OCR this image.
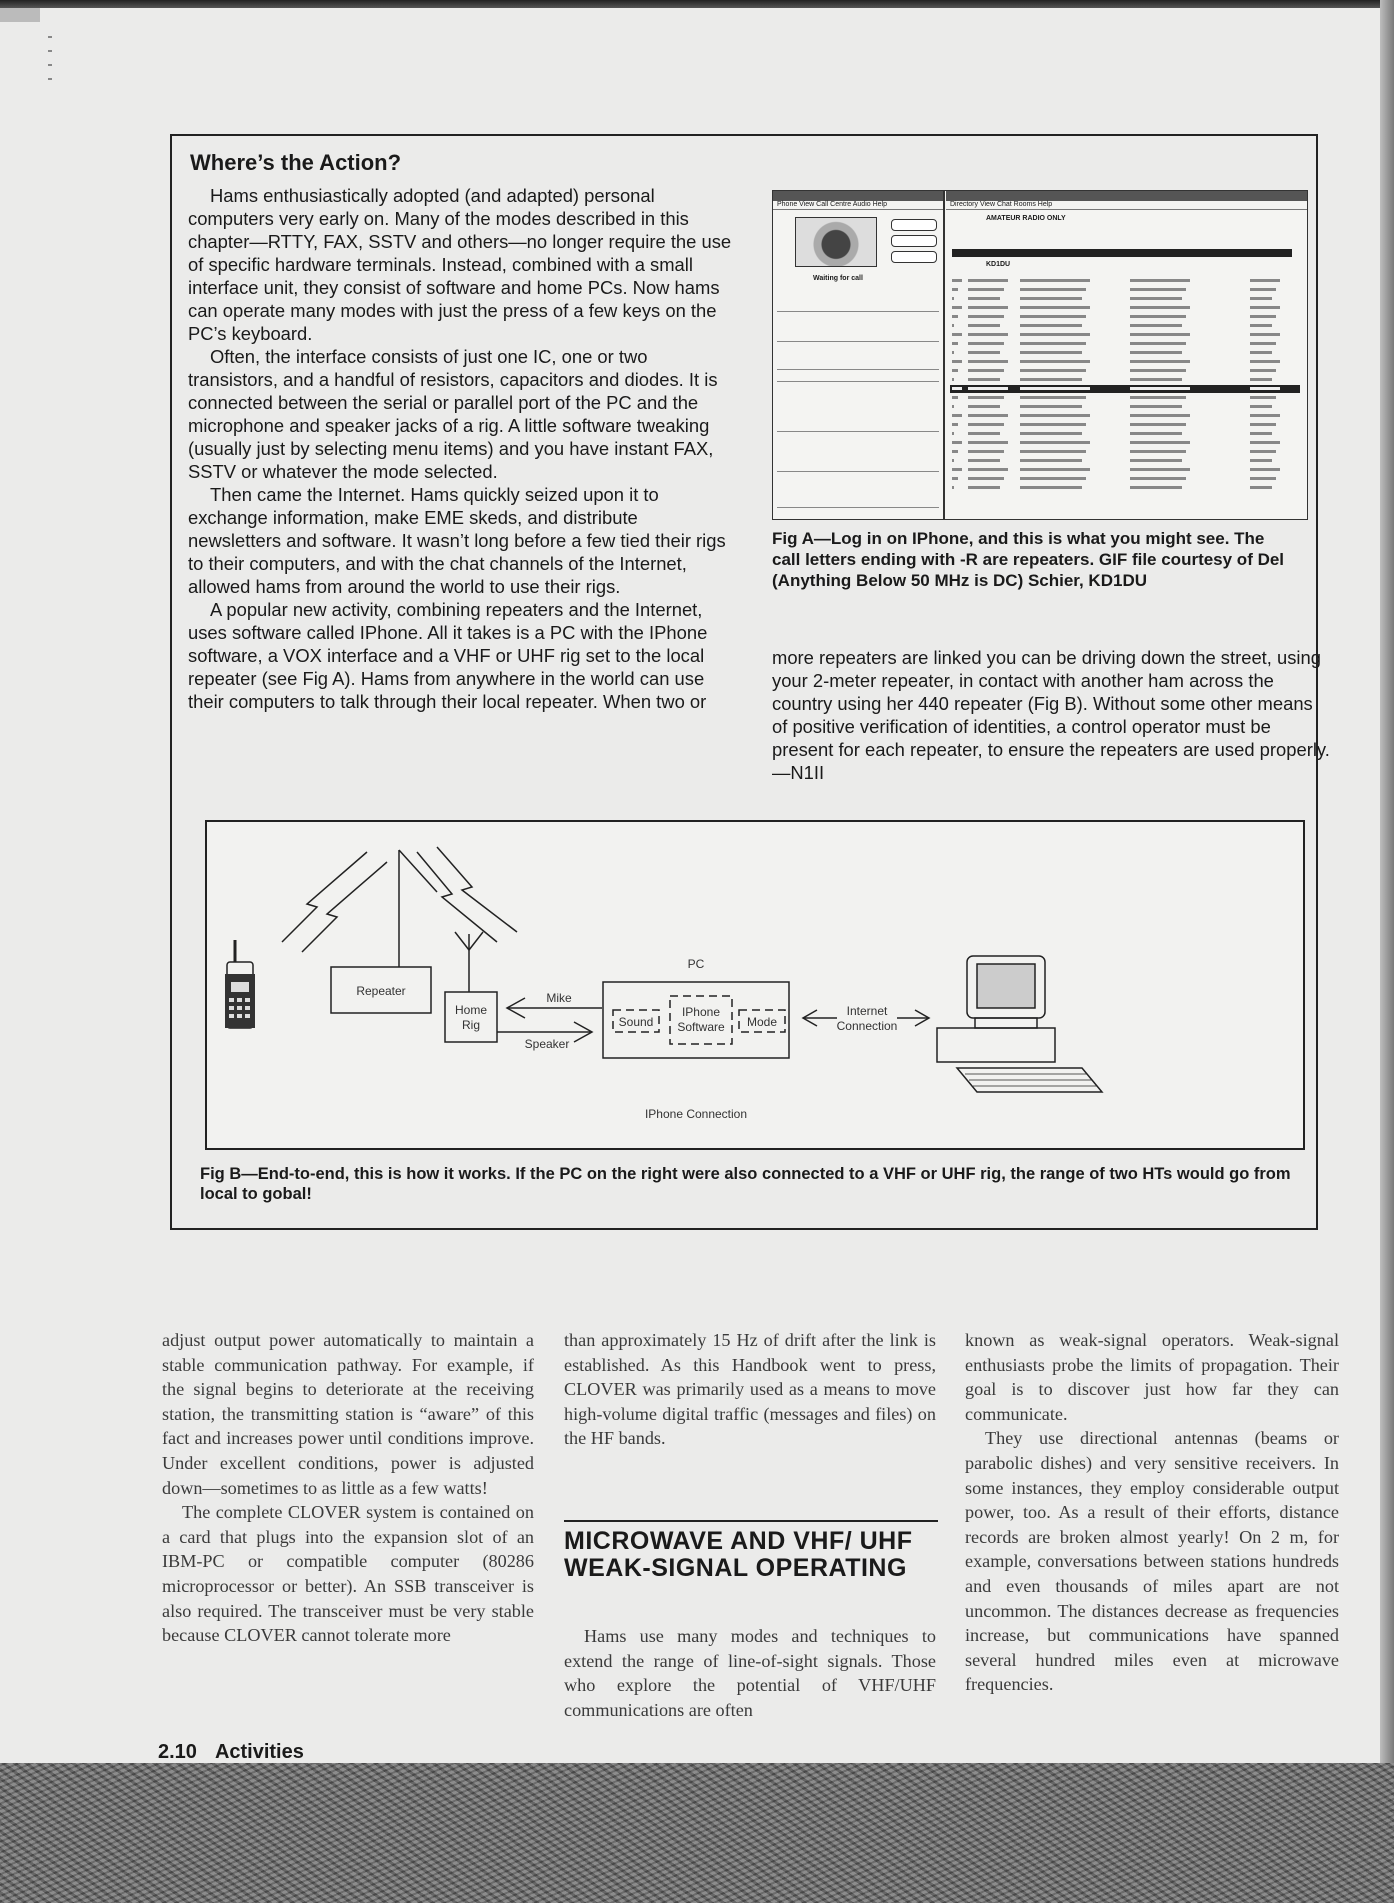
Where’s the Action?

Hams enthusiastically adopted (and adapted) personal computers very early on. Many of the modes described in this chapter—RTTY, FAX, SSTV and others—no longer require the use of specific hardware terminals. Instead, combined with a small interface unit, they consist of software and home PCs. Now hams can operate many modes with just the press of a few keys on the PC’s keyboard.

Often, the interface consists of just one IC, one or two transistors, and a handful of resistors, capacitors and diodes. It is connected between the serial or parallel port of the PC and the microphone and speaker jacks of a rig. A little software tweaking (usually just by selecting menu items) and you have instant FAX, SSTV or whatever the mode selected.

Then came the Internet. Hams quickly seized upon it to exchange information, make EME skeds, and distribute newsletters and software. It wasn’t long before a few tied their rigs to their computers, and with the chat channels of the Internet, allowed hams from around the world to use their rigs.

A popular new activity, combining repeaters and the Internet, uses software called IPhone. All it takes is a PC with the IPhone software, a VOX interface and a VHF or UHF rig set to the local repeater (see Fig A). Hams from anywhere in the world can use their computers to talk through their local repeater. When two or

more repeaters are linked you can be driving down the street, using your 2-meter repeater, in contact with another ham across the country using her 440 repeater (Fig B). Without some other means of positive verification of identities, a control operator must be present for each repeater, to ensure the repeaters are used properly.—N1II

Phone View Call Centre Audio Help
Waiting for call
Directory View Chat Rooms Help
AMATEUR RADIO ONLY
KD1DU

Fig A—Log in on IPhone, and this is what you might see. The call letters ending with -R are repeaters. GIF file courtesy of Del (Anything Below 50 MHz is DC) Schier, KD1DU

Repeater
Home
Rig
Mike
Speaker
PC
Sound
IPhone
Software Mode
Internet
Connection
IPhone Connection

Fig B—End-to-end, this is how it works. If the PC on the right were also connected to a VHF or UHF rig, the range of two HTs would go from local to gobal!

adjust output power automatically to maintain a stable communication pathway. For example, if the signal begins to deteriorate at the receiving station, the transmitting station is “aware” of this fact and increases power until conditions improve. Under excellent conditions, power is adjusted down—sometimes to as little as a few watts!

The complete CLOVER system is contained on a card that plugs into the expansion slot of an IBM-PC or compatible computer (80286 microprocessor or better). An SSB transceiver is also required. The transceiver must be very stable because CLOVER cannot tolerate more

than approximately 15 Hz of drift after the link is established. As this Handbook went to press, CLOVER was primarily used as a means to move high-volume digital traffic (messages and files) on the HF bands.

MICROWAVE AND VHF/ UHF WEAK-SIGNAL OPERATING

Hams use many modes and techniques to extend the range of line-of-sight signals. Those who explore the potential of VHF/UHF communications are often

known as weak-signal operators. Weak-signal enthusiasts probe the limits of propagation. Their goal is to discover just how far they can communicate.

They use directional antennas (beams or parabolic dishes) and very sensitive receivers. In some instances, they employ considerable output power, too. As a result of their efforts, distance records are broken almost yearly! On 2 m, for example, conversations between stations hundreds and even thousands of miles apart are not uncommon. The distances decrease as frequencies increase, but communications have spanned several hundred miles even at microwave frequencies.

2.10 Activities
